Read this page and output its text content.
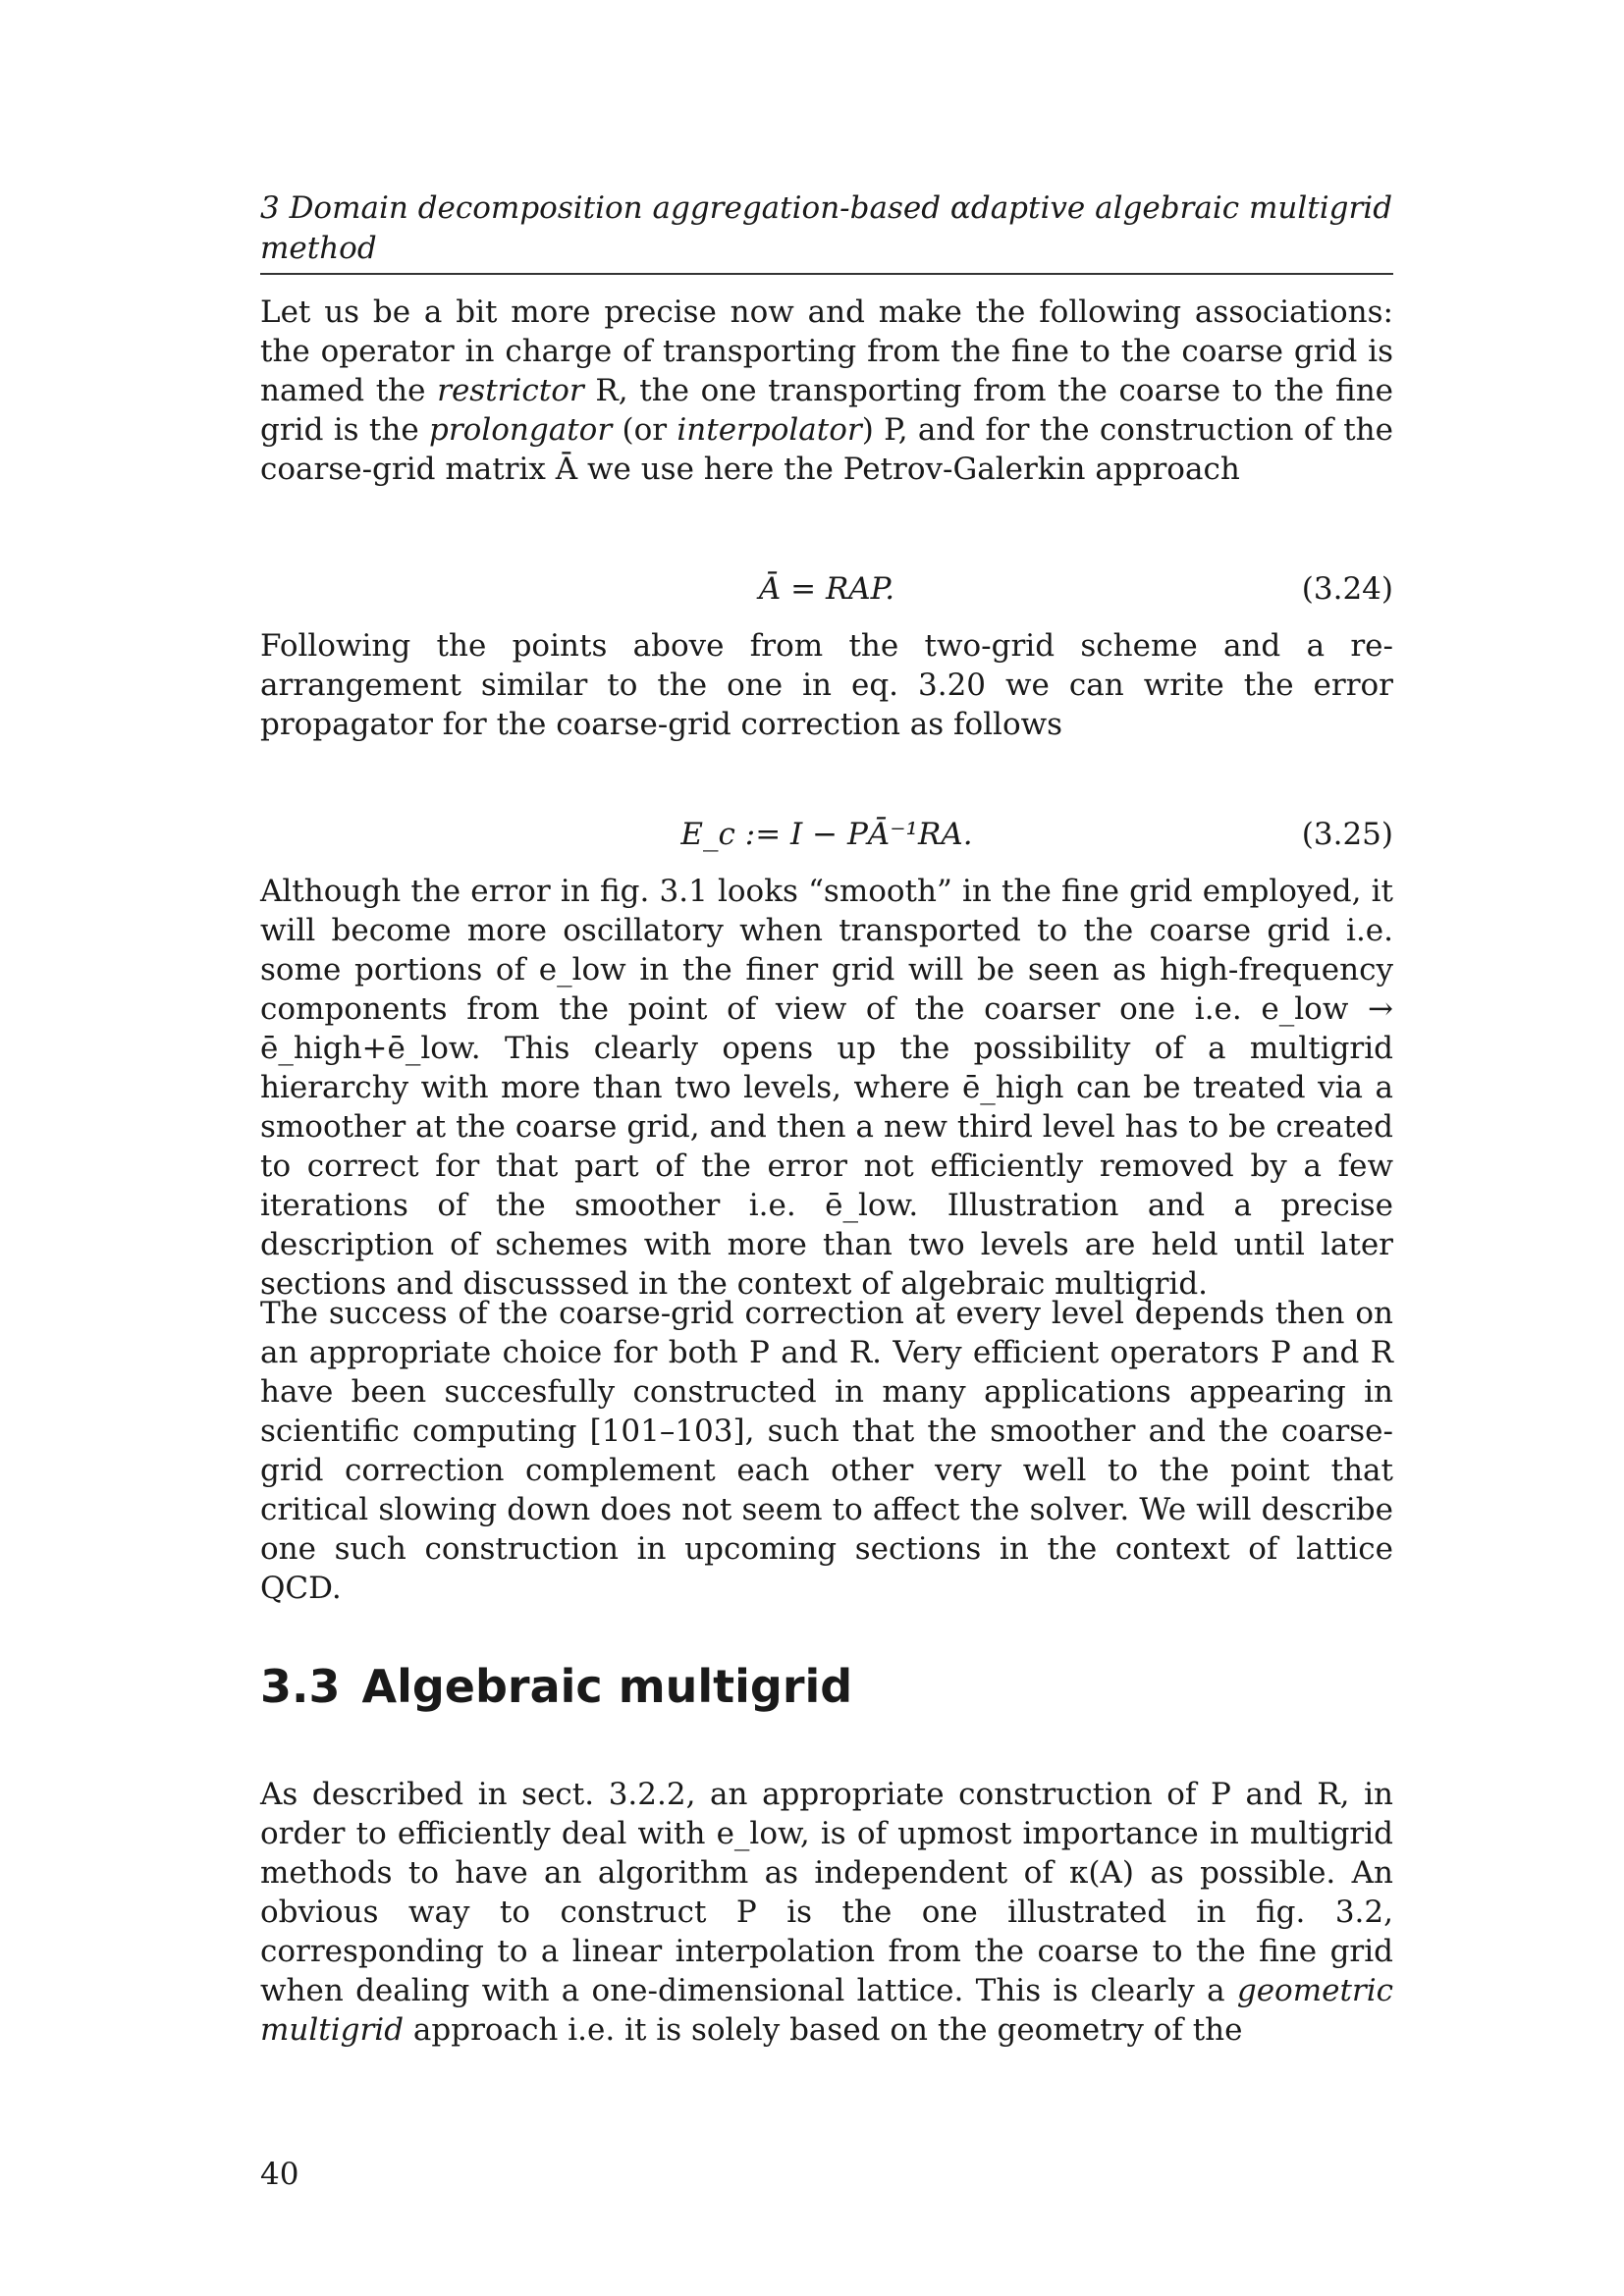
3 Domain decomposition aggregation-based αdaptive algebraic multigrid method

Let us be a bit more precise now and make the following associations: the operator in charge of transporting from the fine to the coarse grid is named the restrictor R, the one transporting from the coarse to the fine grid is the prolongator (or interpolator) P, and for the construction of the coarse-grid matrix Ā we use here the Petrov-Galerkin approach

Ā = RAP.	(3.24)

Following the points above from the two-grid scheme and a re-arrangement similar to the one in eq. 3.20 we can write the error propagator for the coarse-grid correction as follows

E_c := I − PĀ⁻¹RA.	(3.25)

Although the error in fig. 3.1 looks “smooth” in the fine grid employed, it will become more oscillatory when transported to the coarse grid i.e. some portions of e_low in the finer grid will be seen as high-frequency components from the point of view of the coarser one i.e. e_low → ē_high+ē_low. This clearly opens up the possibility of a multigrid hierarchy with more than two levels, where ē_high can be treated via a smoother at the coarse grid, and then a new third level has to be created to correct for that part of the error not efficiently removed by a few iterations of the smoother i.e. ē_low. Illustration and a precise description of schemes with more than two levels are held until later sections and discusssed in the context of algebraic multigrid.

The success of the coarse-grid correction at every level depends then on an appropriate choice for both P and R. Very efficient operators P and R have been succesfully constructed in many applications appearing in scientific computing [101–103], such that the smoother and the coarse-grid correction complement each other very well to the point that critical slowing down does not seem to affect the solver. We will describe one such construction in upcoming sections in the context of lattice QCD.

3.3 Algebraic multigrid

As described in sect. 3.2.2, an appropriate construction of P and R, in order to efficiently deal with e_low, is of upmost importance in multigrid methods to have an algorithm as independent of κ(A) as possible. An obvious way to construct P is the one illustrated in fig. 3.2, corresponding to a linear interpolation from the coarse to the fine grid when dealing with a one-dimensional lattice. This is clearly a geometric multigrid approach i.e. it is solely based on the geometry of the

40
